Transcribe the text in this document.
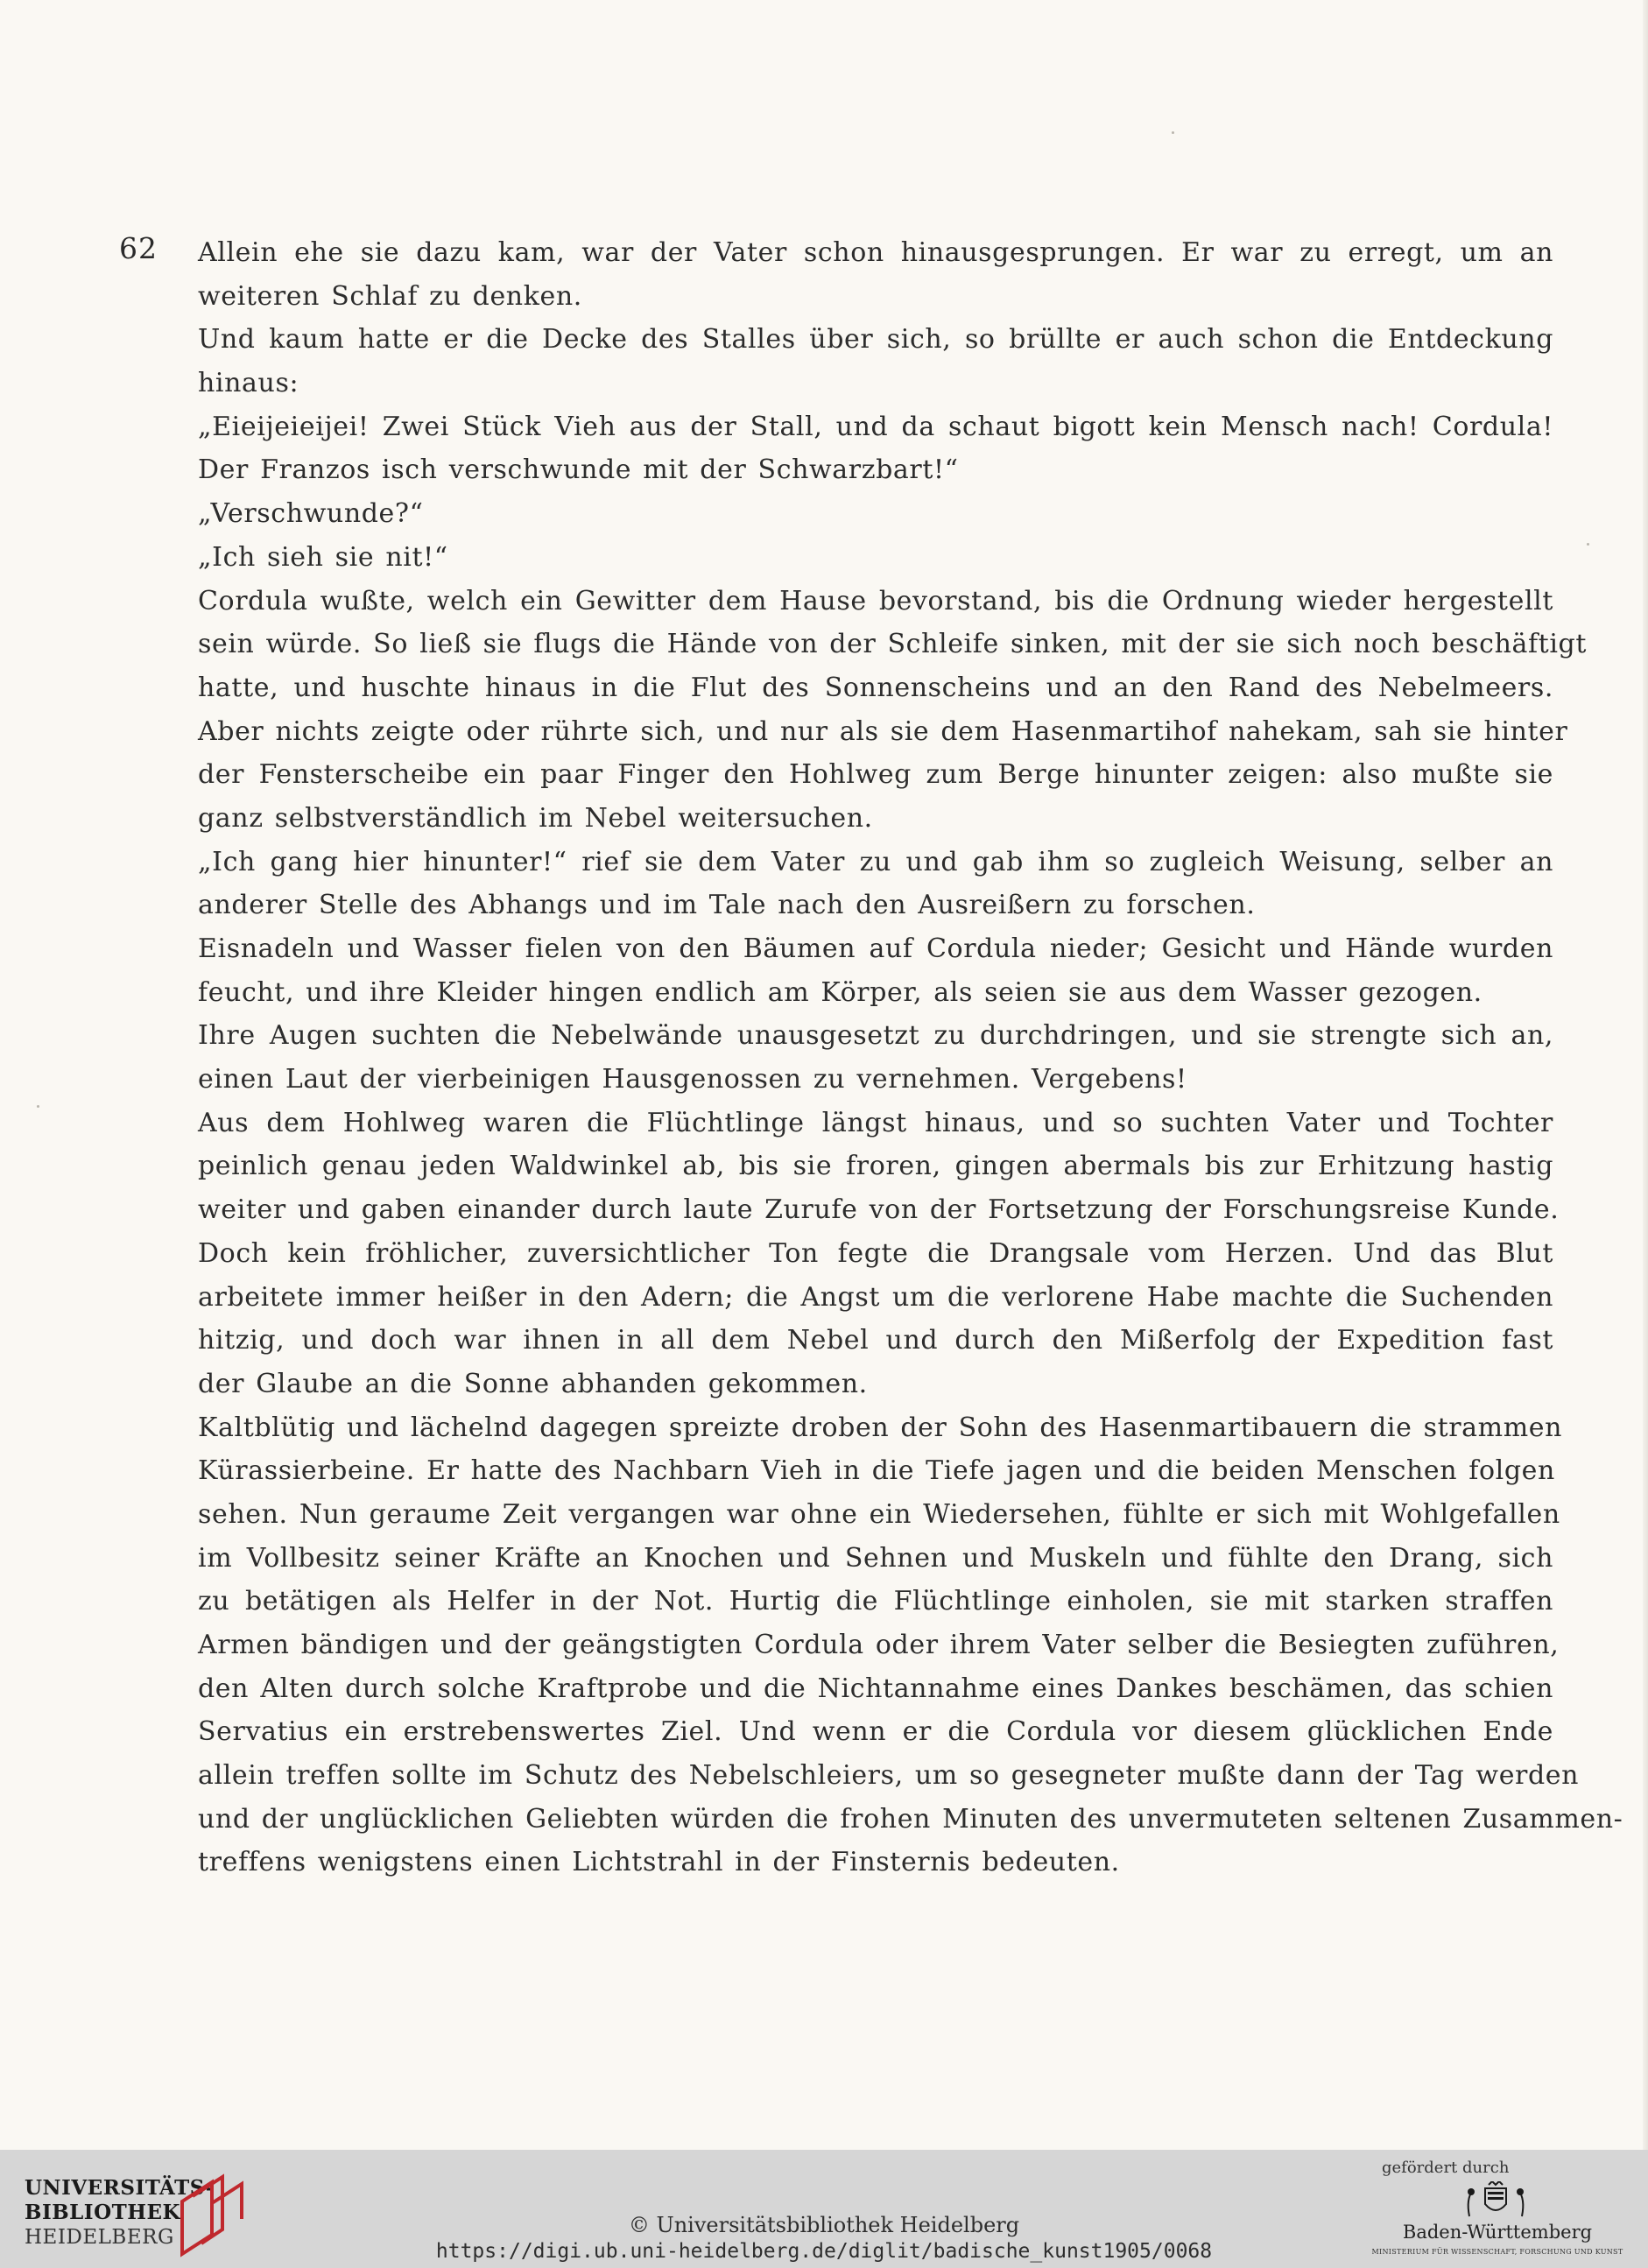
62 Allein ehe sie dazu kam, war der Vater schon hinausgesprungen. Er war zu erregt, um an
weiteren Schlaf zu denken.
Und kaum hatte er die Decke des Stalles über sich, so brüllte er auch schon die Entdeckung
hinaus:
„Eieijeieijei! Zwei Stück Vieh aus der Stall, und da schaut bigott kein Mensch nach! Cordula!
Der Franzos isch verschwunde mit der Schwarzbart!“
„Verschwunde?“
„Ich sieh sie nit!“
Cordula wußte, welch ein Gewitter dem Hause bevorstand, bis die Ordnung wieder hergestellt
sein würde. So ließ sie flugs die Hände von der Schleife sinken, mit der sie sich noch beschäftigt
hatte, und huschte hinaus in die Flut des Sonnenscheins und an den Rand des Nebelmeers.
Aber nichts zeigte oder rührte sich, und nur als sie dem Hasenmartihof nahekam, sah sie hinter
der Fensterscheibe ein paar Finger den Hohlweg zum Berge hinunter zeigen: also mußte sie
ganz selbstverständlich im Nebel weitersuchen.
„Ich gang hier hinunter!“ rief sie dem Vater zu und gab ihm so zugleich Weisung, selber an
anderer Stelle des Abhangs und im Tale nach den Ausreißern zu forschen.
Eisnadeln und Wasser fielen von den Bäumen auf Cordula nieder; Gesicht und Hände wurden
feucht, und ihre Kleider hingen endlich am Körper, als seien sie aus dem Wasser gezogen.
Ihre Augen suchten die Nebelwände unausgesetzt zu durchdringen, und sie strengte sich an,
einen Laut der vierbeinigen Hausgenossen zu vernehmen. Vergebens!
Aus dem Hohlweg waren die Flüchtlinge längst hinaus, und so suchten Vater und Tochter
peinlich genau jeden Waldwinkel ab, bis sie froren, gingen abermals bis zur Erhitzung hastig
weiter und gaben einander durch laute Zurufe von der Fortsetzung der Forschungsreise Kunde.
Doch kein fröhlicher, zuversichtlicher Ton fegte die Drangsale vom Herzen. Und das Blut
arbeitete immer heißer in den Adern; die Angst um die verlorene Habe machte die Suchenden
hitzig, und doch war ihnen in all dem Nebel und durch den Mißerfolg der Expedition fast
der Glaube an die Sonne abhanden gekommen.
Kaltblütig und lächelnd dagegen spreizte droben der Sohn des Hasenmartibauern die strammen
Kürassierbeine. Er hatte des Nachbarn Vieh in die Tiefe jagen und die beiden Menschen folgen
sehen. Nun geraume Zeit vergangen war ohne ein Wiedersehen, fühlte er sich mit Wohlgefallen
im Vollbesitz seiner Kräfte an Knochen und Sehnen und Muskeln und fühlte den Drang, sich
zu betätigen als Helfer in der Not. Hurtig die Flüchtlinge einholen, sie mit starken straffen
Armen bändigen und der geängstigten Cordula oder ihrem Vater selber die Besiegten zuführen,
den Alten durch solche Kraftprobe und die Nichtannahme eines Dankes beschämen, das schien
Servatius ein erstrebenswertes Ziel. Und wenn er die Cordula vor diesem glücklichen Ende
allein treffen sollte im Schutz des Nebelschleiers, um so gesegneter mußte dann der Tag werden
und der unglücklichen Geliebten würden die frohen Minuten des unvermuteten seltenen Zusammen-
treffens wenigstens einen Lichtstrahl in der Finsternis bedeuten.
UNIVERSITÄTS-
BIBLIOTHEK
HEIDELBERG	© Universitätsbibliothek Heidelberg
https://digi.ub.uni-heidelberg.de/diglit/badische_kunst1905/0068
gefördert durch
Baden-Württemberg
MINISTERIUM FÜR WISSENSCHAFT, FORSCHUNG UND KUNST
